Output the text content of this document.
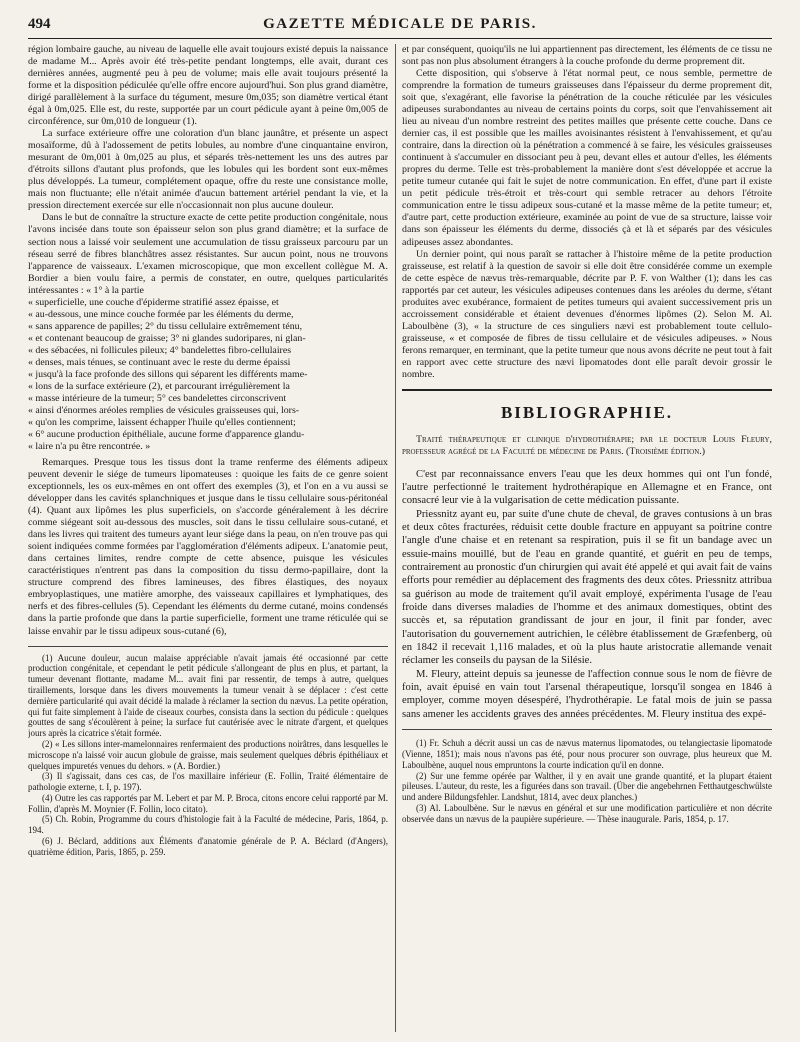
494	GAZETTE MÉDICALE DE PARIS.

région lombaire gauche, au niveau de laquelle elle avait toujours existé depuis la naissance de madame M... Après avoir été très-petite pendant longtemps, elle avait, durant ces dernières années, augmenté peu à peu de volume; mais elle avait toujours présenté la forme et la disposition pédiculée qu'elle offre encore aujourd'hui. Son plus grand diamètre, dirigé parallèlement à la surface du tégument, mesure 0m,035; son diamètre vertical étant égal à 0m,025. Elle est, du reste, supportée par un court pédicule ayant à peine 0m,005 de circonférence, sur 0m,010 de longueur (1).

La surface extérieure offre une coloration d'un blanc jaunâtre, et présente un aspect mosaïforme, dû à l'adossement de petits lobules, au nombre d'une cinquantaine environ, mesurant de 0m,001 à 0m,025 au plus, et séparés très-nettement les uns des autres par d'étroits sillons d'autant plus profonds, que les lobules qui les bordent sont eux-mêmes plus développés. La tumeur, complétement opaque, offre du reste une consistance molle, mais non fluctuante; elle n'était animée d'aucun battement artériel pendant la vie, et la pression directement exercée sur elle n'occasionnait non plus aucune douleur.

Dans le but de connaître la structure exacte de cette petite production congénitale, nous l'avons incisée dans toute son épaisseur selon son plus grand diamètre; et la surface de section nous a laissé voir seulement une accumulation de tissu graisseux parcouru par un réseau serré de fibres blanchâtres assez résistantes. Sur aucun point, nous ne trouvons l'apparence de vaisseaux. L'examen microscopique, que mon excellent collègue M. A. Bordier a bien voulu faire, a permis de constater, en outre, quelques particularités intéressantes : « 1° à la partie

« superficielle, une couche d'épiderme stratifié assez épaisse, et

« au-dessous, une mince couche formée par les éléments du derme,

« sans apparence de papilles; 2° du tissu cellulaire extrêmement ténu,

« et contenant beaucoup de graisse; 3° ni glandes sudoripares, ni glan-

« des sébacées, ni follicules pileux; 4° bandelettes fibro-cellulaires

« denses, mais ténues, se continuant avec le reste du derme épaissi

« jusqu'à la face profonde des sillons qui séparent les différents mame-

« lons de la surface extérieure (2), et parcourant irrégulièrement la

« masse intérieure de la tumeur; 5° ces bandelettes circonscrivent

« ainsi d'énormes aréoles remplies de vésicules graisseuses qui, lors-

« qu'on les comprime, laissent échapper l'huile qu'elles contiennent;

« 6° aucune production épithéliale, aucune forme d'apparence glandu-

« laire n'a pu être rencontrée. »

Remarques. Presque tous les tissus dont la trame renferme des éléments adipeux peuvent devenir le siége de tumeurs lipomateuses : quoique les faits de ce genre soient exceptionnels, les os eux-mêmes en ont offert des exemples (3), et l'on en a vu aussi se développer dans les cavités splanchniques et jusque dans le tissu cellulaire sous-péritonéal (4). Quant aux lipômes les plus superficiels, on s'accorde généralement à les décrire comme siégeant soit au-dessous des muscles, soit dans le tissu cellulaire sous-cutané, et dans les livres qui traitent des tumeurs ayant leur siége dans la peau, on n'en trouve pas qui soient indiquées comme formées par l'agglomération d'éléments adipeux. L'anatomie peut, dans certaines limites, rendre compte de cette absence, puisque les vésicules caractéristiques n'entrent pas dans la composition du tissu dermo-papillaire, dont la structure comprend des fibres lamineuses, des fibres élastiques, des noyaux embryoplastiques, une matière amorphe, des vaisseaux capillaires et lymphatiques, des nerfs et des fibres-cellules (5). Cependant les éléments du derme cutané, moins condensés dans la partie profonde que dans la partie superficielle, forment une trame réticulée qui se laisse envahir par le tissu adipeux sous-cutané (6),

(1) Aucune douleur, aucun malaise appréciable n'avait jamais été occasionné par cette production congénitale, et cependant le petit pédicule s'allongeant de plus en plus, et partant, la tumeur devenant flottante, madame M... avait fini par ressentir, de temps à autre, quelques tiraillements, lorsque dans les divers mouvements la tumeur venait à se déplacer : c'est cette dernière particularité qui avait décidé la malade à réclamer la section du nævus. La petite opération, qui fut faite simplement à l'aide de ciseaux courbes, consista dans la section du pédicule : quelques gouttes de sang s'écoulèrent à peine; la surface fut cautérisée avec le nitrate d'argent, et quelques jours après la cicatrice s'était formée.

(2) « Les sillons inter-mamelonnaires renfermaient des productions noirâtres, dans lesquelles le microscope n'a laissé voir aucun globule de graisse, mais seulement quelques débris épithéliaux et quelques impuretés venues du dehors. » (A. Bordier.)

(3) Il s'agissait, dans ces cas, de l'os maxillaire inférieur (E. Follin, Traité élémentaire de pathologie externe, t. I, p. 197).

(4) Outre les cas rapportés par M. Lebert et par M. P. Broca, citons encore celui rapporté par M. Follin, d'après M. Moynier (F. Follin, loco citato).

(5) Ch. Robin, Programme du cours d'histologie fait à la Faculté de médecine, Paris, 1864, p. 194.

(6) J. Béclard, additions aux Éléments d'anatomie générale de P. A. Béclard (d'Angers), quatrième édition, Paris, 1865, p. 259.

et par conséquent, quoiqu'ils ne lui appartiennent pas directement, les éléments de ce tissu ne sont pas non plus absolument étrangers à la couche profonde du derme proprement dit.

Cette disposition, qui s'observe à l'état normal peut, ce nous semble, permettre de comprendre la formation de tumeurs graisseuses dans l'épaisseur du derme proprement dit, soit que, s'exagérant, elle favorise la pénétration de la couche réticulée par les vésicules adipeuses surabondantes au niveau de certains points du corps, soit que l'envahissement ait lieu au niveau d'un nombre restreint des petites mailles que présente cette couche. Dans ce dernier cas, il est possible que les mailles avoisinantes résistent à l'envahissement, et qu'au contraire, dans la direction où la pénétration a commencé à se faire, les vésicules graisseuses continuent à s'accumuler en dissociant peu à peu, devant elles et autour d'elles, les éléments propres du derme. Telle est très-probablement la manière dont s'est développée et accrue la petite tumeur cutanée qui fait le sujet de notre communication. En effet, d'une part il existe un petit pédicule très-étroit et très-court qui semble retracer au dehors l'étroite communication entre le tissu adipeux sous-cutané et la masse même de la petite tumeur; et, d'autre part, cette production extérieure, examinée au point de vue de sa structure, laisse voir dans son épaisseur les éléments du derme, dissociés çà et là et séparés par des vésicules adipeuses assez abondantes.

Un dernier point, qui nous paraît se rattacher à l'histoire même de la petite production graisseuse, est relatif à la question de savoir si elle doit être considérée comme un exemple de cette espèce de nævus très-remarquable, décrite par P. F. von Walther (1); dans les cas rapportés par cet auteur, les vésicules adipeuses contenues dans les aréoles du derme, s'étant produites avec exubérance, formaient de petites tumeurs qui avaient successivement pris un accroissement considérable et étaient devenues d'énormes lipômes (2). Selon M. Al. Laboulbène (3), « la structure de ces singuliers nævi est probablement toute cellulo-graisseuse, « et composée de fibres de tissu cellulaire et de vésicules adipeuses. » Nous ferons remarquer, en terminant, que la petite tumeur que nous avons décrite ne peut tout à fait en rapport avec cette structure des nævi lipomatodes dont elle paraît devoir grossir le nombre.

BIBLIOGRAPHIE.

Traité thérapeutique et clinique d'hydrothérapie; par le docteur Louis Fleury, professeur agrégé de la Faculté de médecine de Paris. (Troisième édition.)

C'est par reconnaissance envers l'eau que les deux hommes qui ont l'un fondé, l'autre perfectionné le traitement hydrothérapique en Allemagne et en France, ont consacré leur vie à la vulgarisation de cette médication puissante.

Priessnitz ayant eu, par suite d'une chute de cheval, de graves contusions à un bras et deux côtes fracturées, réduisit cette double fracture en appuyant sa poitrine contre l'angle d'une chaise et en retenant sa respiration, puis il se fit un bandage avec un essuie-mains mouillé, but de l'eau en grande quantité, et guérit en peu de temps, contrairement au pronostic d'un chirurgien qui avait été appelé et qui avait fait de vains efforts pour remédier au déplacement des fragments des deux côtes. Priessnitz attribua sa guérison au mode de traitement qu'il avait employé, expérimenta l'usage de l'eau froide dans diverses maladies de l'homme et des animaux domestiques, obtint des succès et, sa réputation grandissant de jour en jour, il finit par fonder, avec l'autorisation du gouvernement autrichien, le célèbre établissement de Græfenberg, où en 1842 il recevait 1,116 malades, et où la plus haute aristocratie allemande venait réclamer les conseils du paysan de la Silésie.

M. Fleury, atteint depuis sa jeunesse de l'affection connue sous le nom de fièvre de foin, avait épuisé en vain tout l'arsenal thérapeutique, lorsqu'il songea en 1846 à employer, comme moyen désespéré, l'hydrothérapie. Le fatal mois de juin se passa sans amener les accidents graves des années précédentes. M. Fleury institua des expé-

(1) Fr. Schuh a décrit aussi un cas de nævus maternus lipomatodes, ou telangiectasie lipomatode (Vienne, 1851); mais nous n'avons pas été, pour nous procurer son ouvrage, plus heureux que M. Laboulbène, auquel nous empruntons la courte indication qu'il en donne.

(2) Sur une femme opérée par Walther, il y en avait une grande quantité, et la plupart étaient pileuses. L'auteur, du reste, les a figurées dans son travail. (Über die angebehrnen Fetthautgeschwülste und andere Bildungsfehler. Landshut, 1814, avec deux planches.)

(3) Al. Laboulbène. Sur le nævus en général et sur une modification particulière et non décrite observée dans un nævus de la paupière supérieure. — Thèse inaugurale. Paris, 1854, p. 17.
